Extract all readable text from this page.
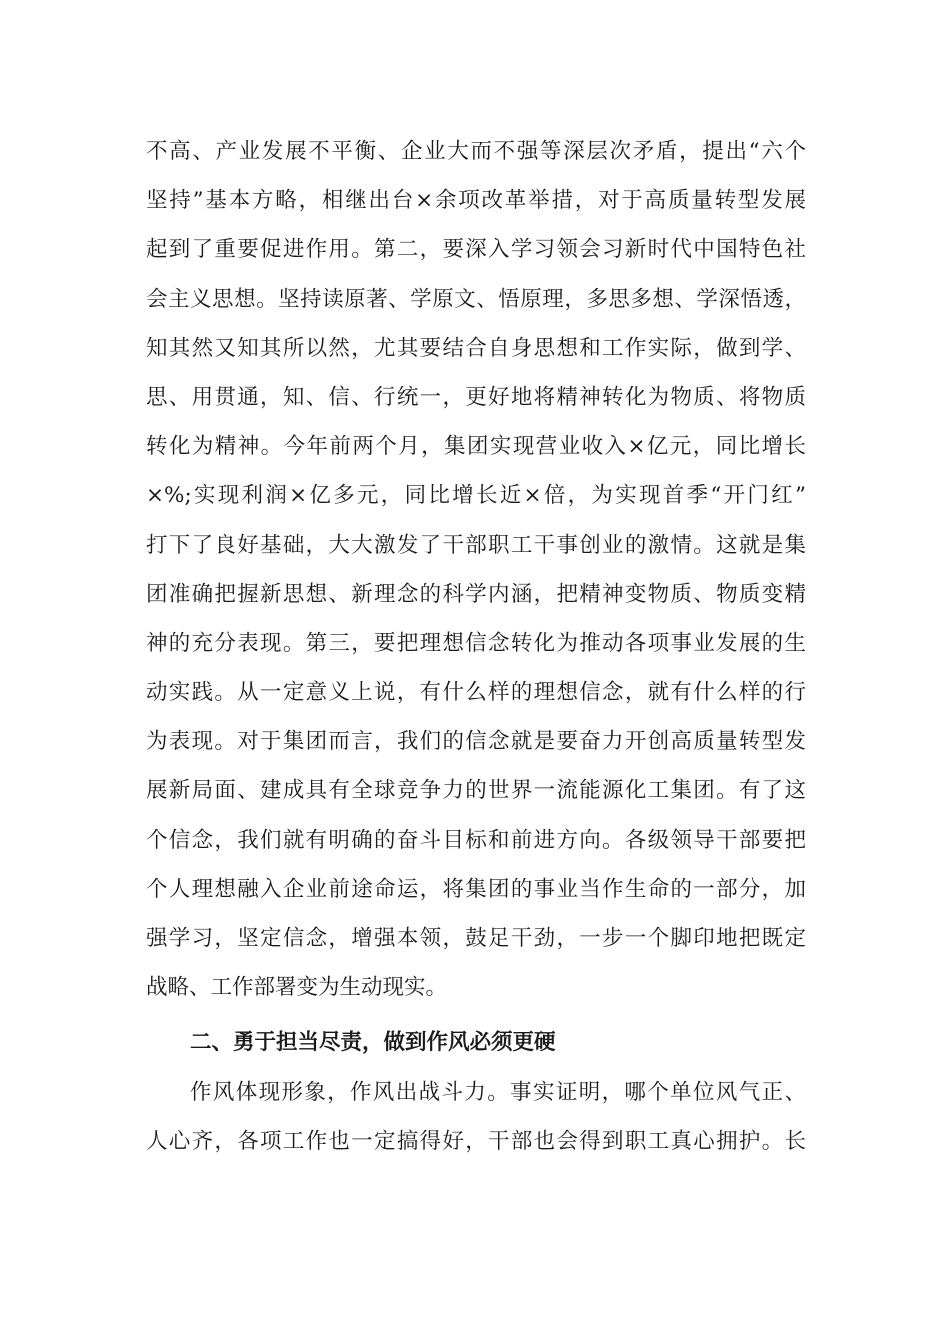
不高、产业发展不平衡、企业大而不强等深层次矛盾，提出“六个
坚持”基本方略，相继出台×余项改革举措，对于高质量转型发展
起到了重要促进作用。第二，要深入学习领会习新时代中国特色社
会主义思想。坚持读原著、学原文、悟原理，多思多想、学深悟透，
知其然又知其所以然，尤其要结合自身思想和工作实际，做到学、
思、用贯通，知、信、行统一，更好地将精神转化为物质、将物质
转化为精神。今年前两个月，集团实现营业收入×亿元，同比增长
×%;实现利润×亿多元，同比增长近×倍，为实现首季“开门红”
打下了良好基础，大大激发了干部职工干事创业的激情。这就是集
团准确把握新思想、新理念的科学内涵，把精神变物质、物质变精
神的充分表现。第三，要把理想信念转化为推动各项事业发展的生
动实践。从一定意义上说，有什么样的理想信念，就有什么样的行
为表现。对于集团而言，我们的信念就是要奋力开创高质量转型发
展新局面、建成具有全球竞争力的世界一流能源化工集团。有了这
个信念，我们就有明确的奋斗目标和前进方向。各级领导干部要把
个人理想融入企业前途命运，将集团的事业当作生命的一部分，加
强学习，坚定信念，增强本领，鼓足干劲，一步一个脚印地把既定
战略、工作部署变为生动现实。
二、勇于担当尽责，做到作风必须更硬
作风体现形象，作风出战斗力。事实证明，哪个单位风气正、
人心齐，各项工作也一定搞得好，干部也会得到职工真心拥护。长
